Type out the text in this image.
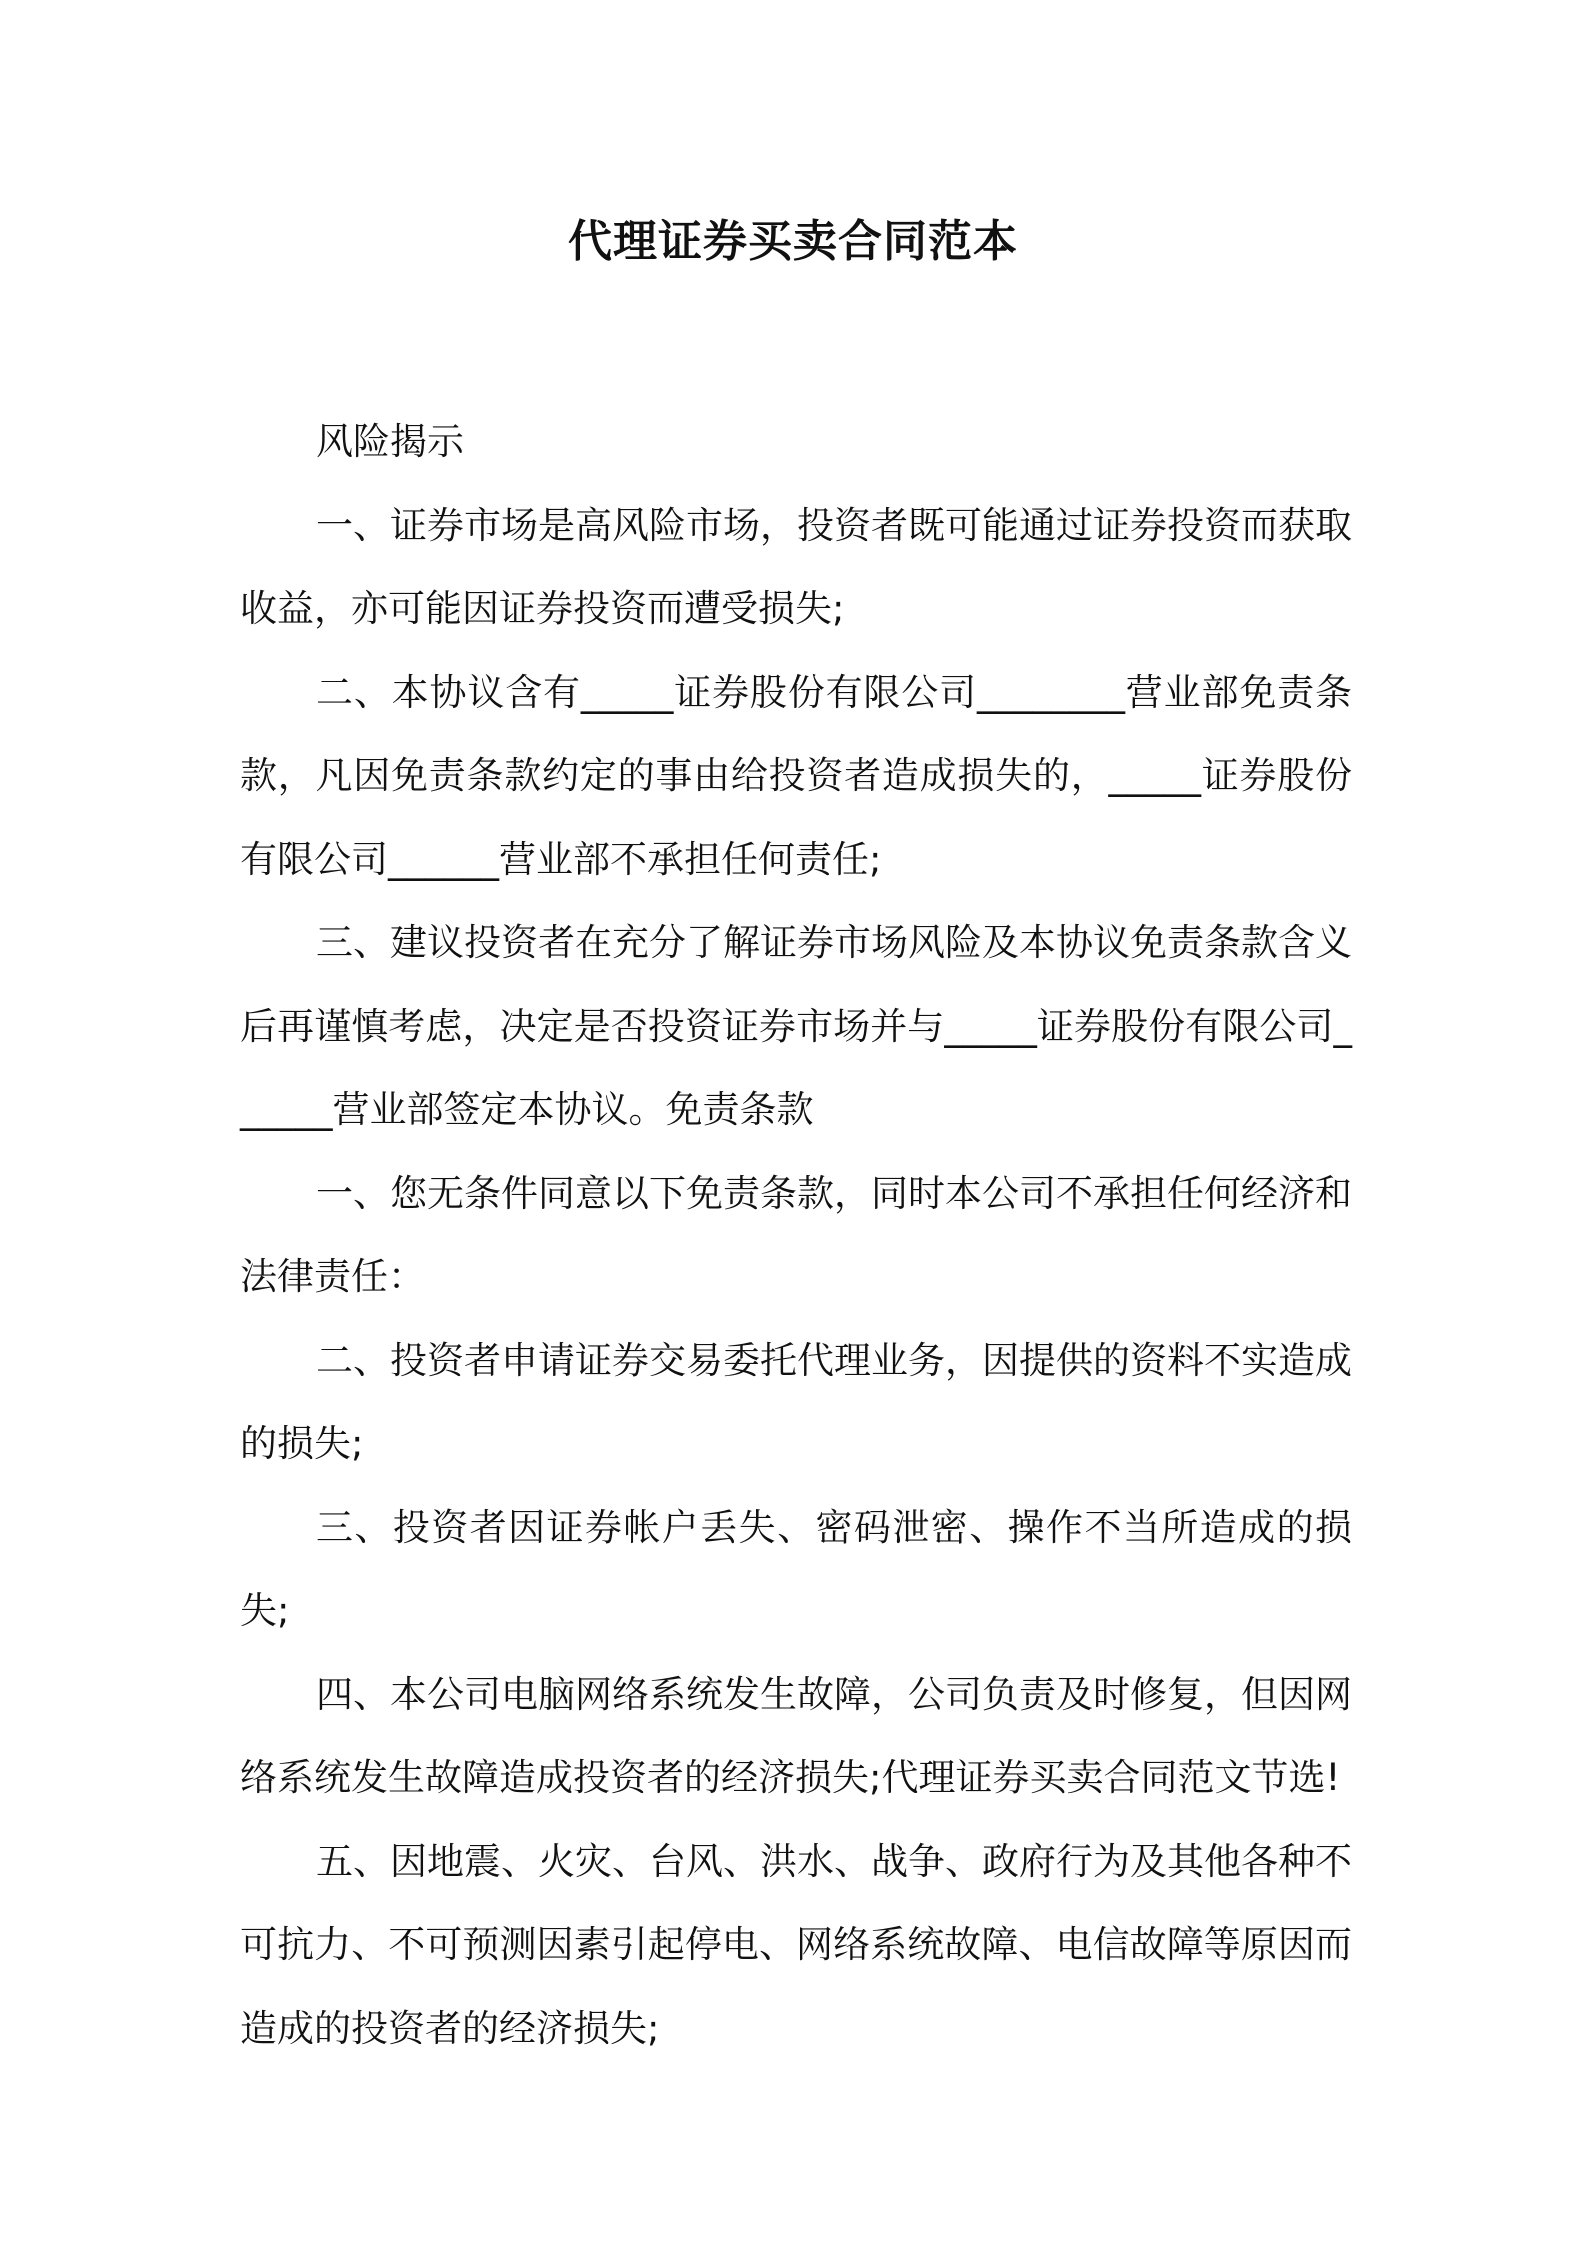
代理证券买卖合同范本

风险揭示

一、证券市场是高风险市场，投资者既可能通过证券投资而获取收益，亦可能因证券投资而遭受损失;

二、本协议含有_____证券股份有限公司________营业部免责条款，凡因免责条款约定的事由给投资者造成损失的，_____证券股份有限公司______营业部不承担任何责任;

三、建议投资者在充分了解证券市场风险及本协议免责条款含义后再谨慎考虑，决定是否投资证券市场并与_____证券股份有限公司______营业部签定本协议。免责条款

一、您无条件同意以下免责条款，同时本公司不承担任何经济和法律责任：

二、投资者申请证券交易委托代理业务，因提供的资料不实造成的损失;

三、投资者因证券帐户丢失、密码泄密、操作不当所造成的损失;

四、本公司电脑网络系统发生故障，公司负责及时修复，但因网络系统发生故障造成投资者的经济损失;代理证券买卖合同范文节选!

五、因地震、火灾、台风、洪水、战争、政府行为及其他各种不可抗力、不可预测因素引起停电、网络系统故障、电信故障等原因而造成的投资者的经济损失;
